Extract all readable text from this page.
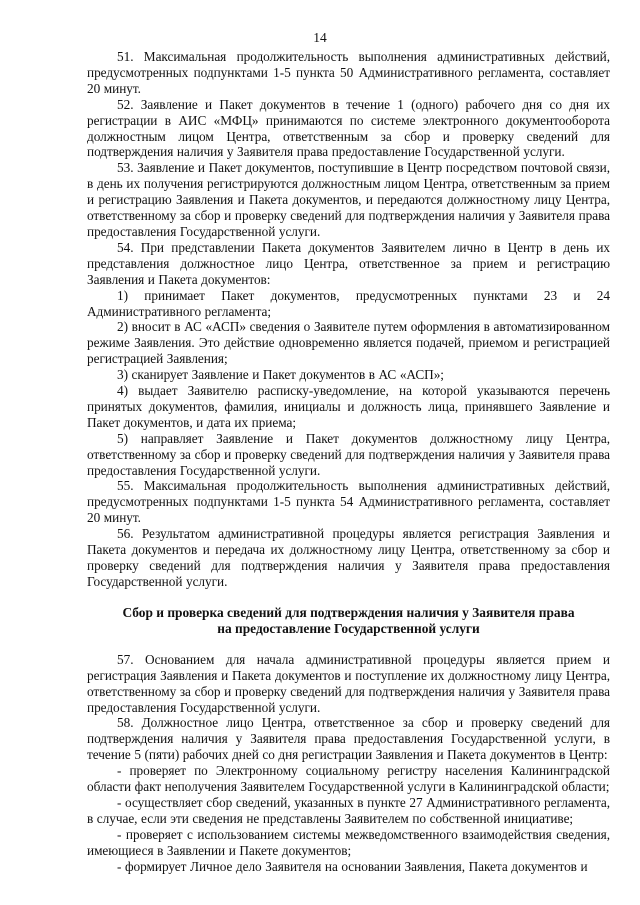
14

51. Максимальная продолжительность выполнения административных действий, предусмотренных подпунктами 1-5 пункта 50 Административного регламента, составляет 20 минут.

52. Заявление и Пакет документов в течение 1 (одного) рабочего дня со дня их регистрации в АИС «МФЦ» принимаются по системе электронного документооборота должностным лицом Центра, ответственным за сбор и проверку сведений для подтверждения наличия у Заявителя права предоставление Государственной услуги.

53. Заявление и Пакет документов, поступившие в Центр посредством почтовой связи, в день их получения регистрируются должностным лицом Центра, ответственным за прием и регистрацию Заявления и Пакета документов, и передаются должностному лицу Центра, ответственному за сбор и проверку сведений для подтверждения наличия у Заявителя права предоставления Государственной услуги.

54. При представлении Пакета документов Заявителем лично в Центр в день их представления должностное лицо Центра, ответственное за прием и регистрацию Заявления и Пакета документов:

1) принимает Пакет документов, предусмотренных пунктами 23 и 24 Административного регламента;

2) вносит в АС «АСП» сведения о Заявителе путем оформления в автоматизированном режиме Заявления. Это действие одновременно является подачей, приемом и регистрацией регистрацией Заявления;

3) сканирует Заявление и Пакет документов в АС «АСП»;

4) выдает Заявителю расписку-уведомление, на которой указываются перечень принятых документов, фамилия, инициалы и должность лица, принявшего Заявление и Пакет документов, и дата их приема;

5) направляет Заявление и Пакет документов должностному лицу Центра, ответственному за сбор и проверку сведений для подтверждения наличия у Заявителя права предоставления Государственной услуги.

55. Максимальная продолжительность выполнения административных действий, предусмотренных подпунктами 1-5 пункта 54 Административного регламента, составляет 20 минут.

56. Результатом административной процедуры является регистрация Заявления и Пакета документов и передача их должностному лицу Центра, ответственному за сбор и проверку сведений для подтверждения наличия у Заявителя права предоставления Государственной услуги.

Сбор и проверка сведений для подтверждения наличия у Заявителя права
на предоставление Государственной услуги

57. Основанием для начала административной процедуры является прием и регистрация Заявления и Пакета документов и поступление их должностному лицу Центра, ответственному за сбор и проверку сведений для подтверждения наличия у Заявителя права предоставления Государственной услуги.

58. Должностное лицо Центра, ответственное за сбор и проверку сведений для подтверждения наличия у Заявителя права предоставления Государственной услуги, в течение 5 (пяти) рабочих дней со дня регистрации Заявления и Пакета документов в Центр:

- проверяет по Электронному социальному регистру населения Калининградской области факт неполучения Заявителем Государственной услуги в Калининградской области;

- осуществляет сбор сведений, указанных в пункте 27 Административного регламента, в случае, если эти сведения не представлены Заявителем по собственной инициативе;

- проверяет с использованием системы межведомственного взаимодействия сведения, имеющиеся в Заявлении и Пакете документов;

- формирует Личное дело Заявителя на основании Заявления, Пакета документов и
